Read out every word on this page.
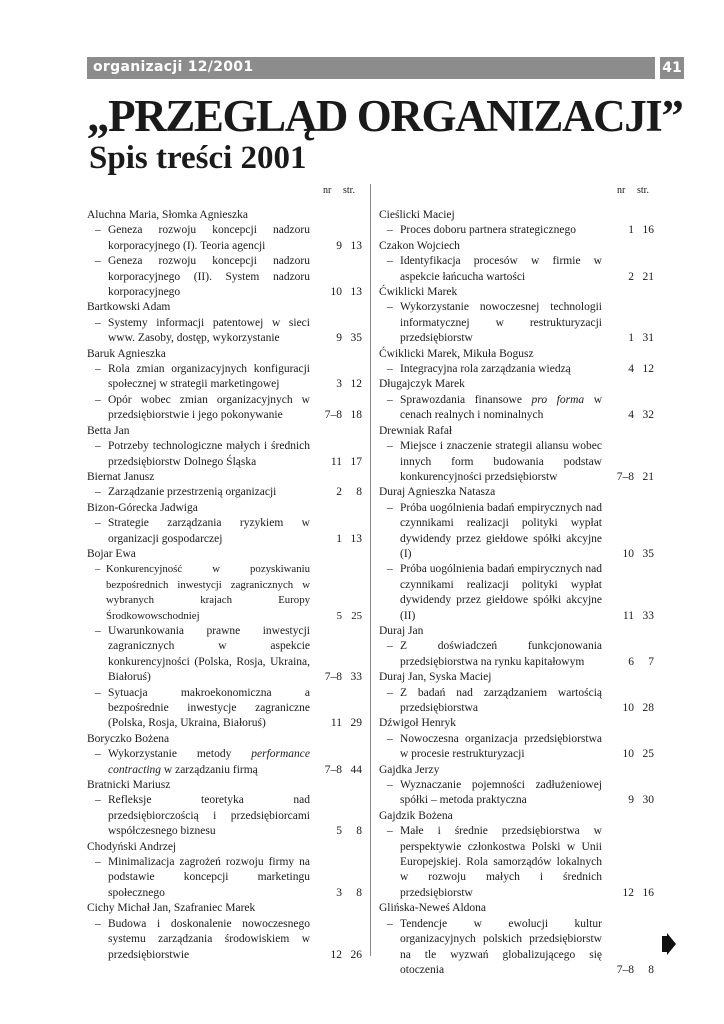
organizacji 12/2001	41
„PRZEGLĄD ORGANIZACJI”
Spis treści 2001
nr str.	nr str.
Aluchna Maria, Słomka Agnieszka
– Geneza rozwoju koncepcji nadzoru korporacyjnego (I). Teoria agencji	9 13
– Geneza rozwoju koncepcji nadzoru korporacyjnego (II). System nadzoru korporacyjnego	10 13
Bartkowski Adam
– Systemy informacji patentowej w sieci www. Zasoby, dostęp, wykorzystanie	9 35
Baruk Agnieszka
– Rola zmian organizacyjnych konfiguracji społecznej w strategii marketingowej	3 12
– Opór wobec zmian organizacyjnych w przedsiębiorstwie i jego pokonywanie	7–8 18
Betta Jan
– Potrzeby technologiczne małych i średnich przedsiębiorstw Dolnego Śląska	11 17
Biernat Janusz
– Zarządzanie przestrzenią organizacji	2 8
Bizon-Górecka Jadwiga
– Strategie zarządzania ryzykiem w organizacji gospodarczej	1 13
Bojar Ewa
– Konkurencyjność w pozyskiwaniu bezpośrednich inwestycji zagranicznych w wybranych krajach Europy Środkowowschodniej	5 25
– Uwarunkowania prawne inwestycji zagranicznych w aspekcie konkurencyjności (Polska, Rosja, Ukraina, Białoruś)	7–8 33
– Sytuacja makroekonomiczna a bezpośrednie inwestycje zagraniczne (Polska, Rosja, Ukraina, Białoruś)	11 29
Boryczko Bożena
– Wykorzystanie metody performance contracting w zarządzaniu firmą	7–8 44
Bratnicki Mariusz
– Refleksje teoretyka nad przedsiębiorczością i przedsiębiorcami współczesnego biznesu	5 8
Chodyński Andrzej
– Minimalizacja zagrożeń rozwoju firmy na podstawie koncepcji marketingu społecznego	3 8
Cichy Michał Jan, Szafraniec Marek
– Budowa i doskonalenie nowoczesnego systemu zarządzania środowiskiem w przedsiębiorstwie	12 26
Cieślicki Maciej
– Proces doboru partnera strategicznego	1 16
Czakon Wojciech
– Identyfikacja procesów w firmie w aspekcie łańcucha wartości	2 21
Ćwiklicki Marek
– Wykorzystanie nowoczesnej technologii informatycznej w restrukturyzacji przedsiębiorstw	1 31
Ćwiklicki Marek, Mikuła Bogusz
– Integracyjna rola zarządzania wiedzą	4 12
Długajczyk Marek
– Sprawozdania finansowe pro forma w cenach realnych i nominalnych	4 32
Drewniak Rafał
– Miejsce i znaczenie strategii aliansu wobec innych form budowania podstaw konkurencyjności przedsiębiorstw	7–8 21
Duraj Agnieszka Natasza
– Próba uogólnienia badań empirycznych nad czynnikami realizacji polityki wypłat dywidendy przez giełdowe spółki akcyjne (I)	10 35
– Próba uogólnienia badań empirycznych nad czynnikami realizacji polityki wypłat dywidendy przez giełdowe spółki akcyjne (II)	11 33
Duraj Jan
– Z doświadczeń funkcjonowania przedsiębiorstwa na rynku kapitałowym	6 7
Duraj Jan, Syska Maciej
– Z badań nad zarządzaniem wartością przedsiębiorstwa	10 28
Dźwigoł Henryk
– Nowoczesna organizacja przedsiębiorstwa w procesie restrukturyzacji	10 25
Gajdka Jerzy
– Wyznaczanie pojemności zadłużeniowej spółki – metoda praktyczna	9 30
Gajdzik Bożena
– Małe i średnie przedsiębiorstwa w perspektywie członkostwa Polski w Unii Europejskiej. Rola samorządów lokalnych w rozwoju małych i średnich przedsiębiorstw	12 16
Glińska-Neweś Aldona
– Tendencje w ewolucji kultur organizacyjnych polskich przedsiębiorstw na tle wyzwań globalizującego się otoczenia	7–8 8
